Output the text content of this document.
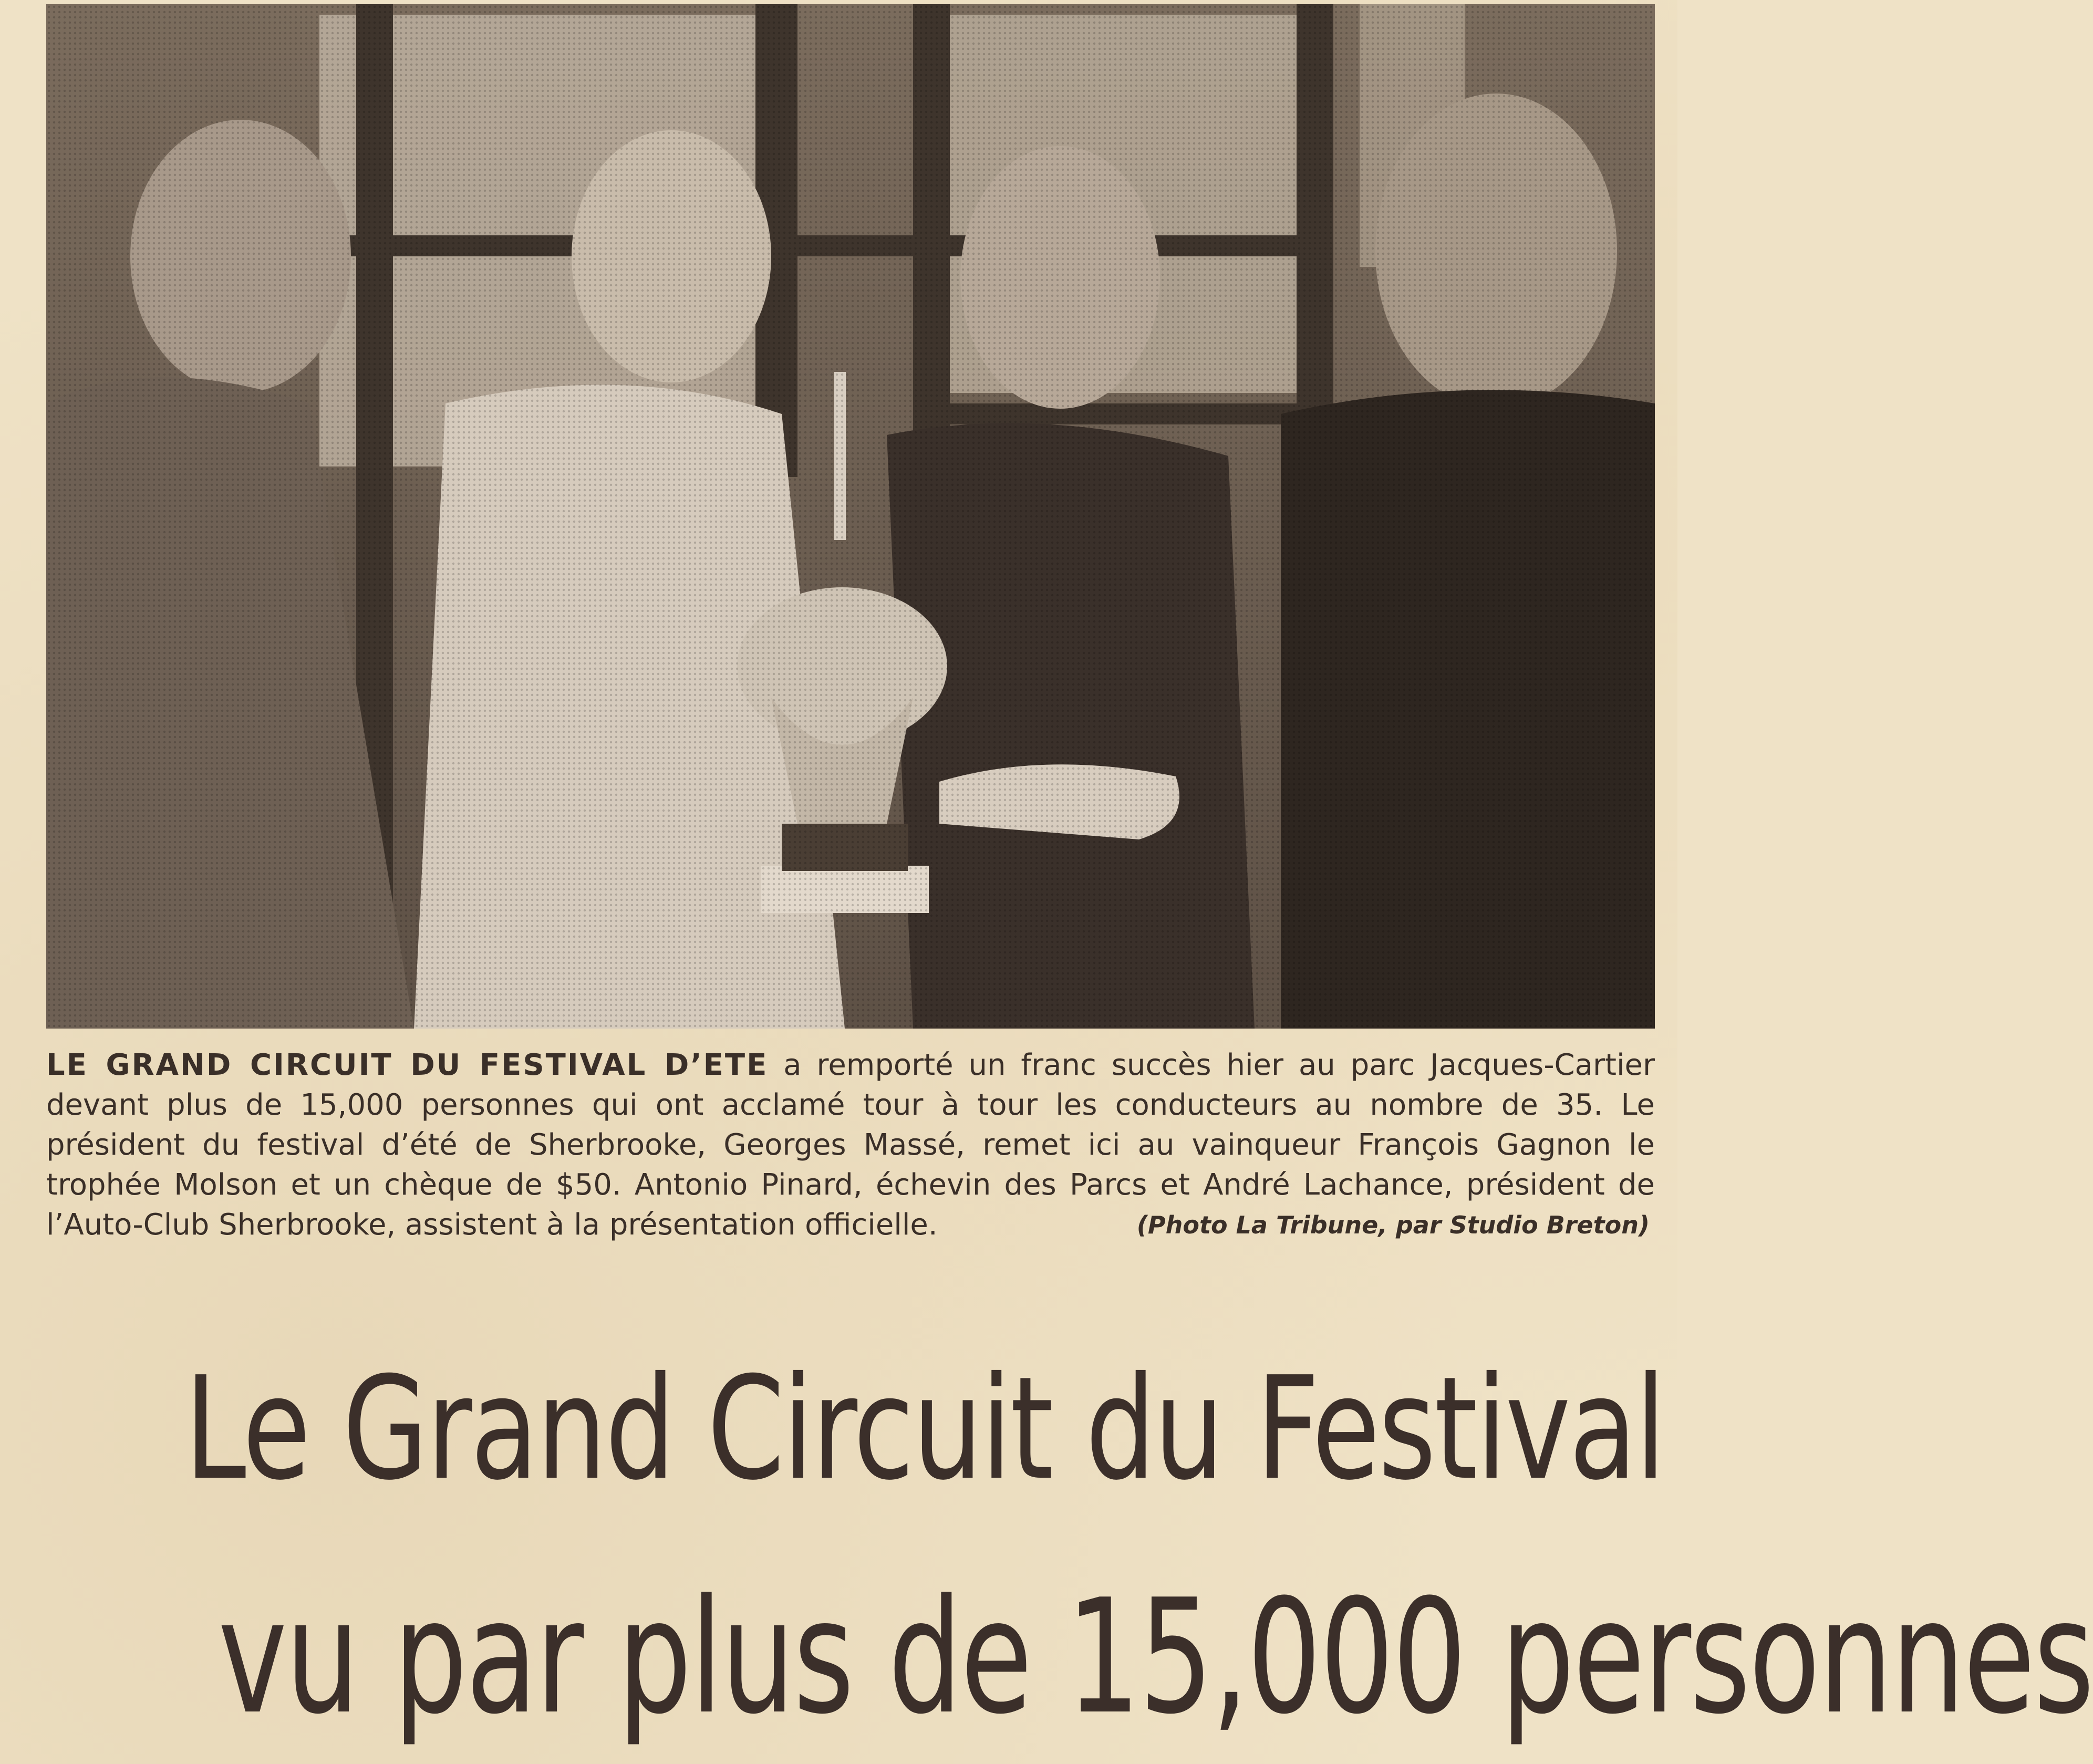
LE GRAND CIRCUIT DU FESTIVAL D’ETE a remporté un franc succès hier au parc Jacques-Cartier devant plus de 15,000 personnes qui ont acclamé tour à tour les conducteurs au nombre de 35. Le président du festival d’été de Sherbrooke, Georges Massé, remet ici au vainqueur François Gagnon le trophée Molson et un chèque de $50. Antonio Pinard, échevin des Parcs et André Lachance, président de l’Auto-Club Sherbrooke, assistent à la présentation officielle.	(Photo La Tribune, par Studio Breton)
Le Grand Circuit du Festival
vu par plus de 15,000 personnes
